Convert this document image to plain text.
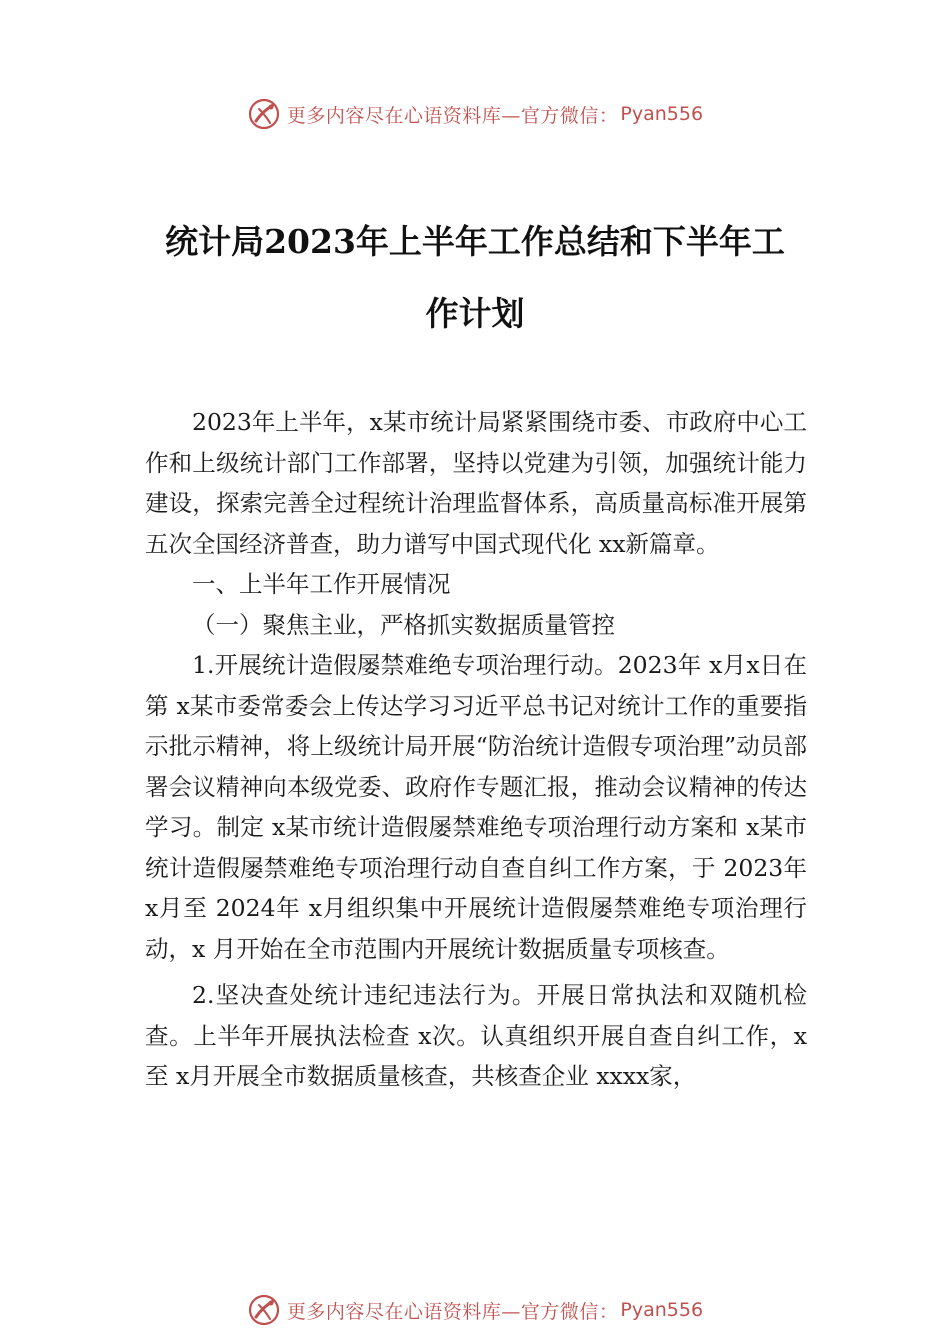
更多内容尽在心语资料库—官方微信： Pyan556
统计局2023年上半年工作总结和下半年工
作计划

2023年上半年，x某市统计局紧紧围绕市委、市政府中心工作和上级统计部门工作部署，坚持以党建为引领，加强统计能力建设，探索完善全过程统计治理监督体系，高质量高标准开展第五次全国经济普查，助力谱写中国式现代化 xx新篇章。

一、上半年工作开展情况

（一）聚焦主业，严格抓实数据质量管控

1.开展统计造假屡禁难绝专项治理行动。2023年 x月x日在第 x某市委常委会上传达学习习近平总书记对统计工作的重要指示批示精神，将上级统计局开展“防治统计造假专项治理”动员部署会议精神向本级党委、政府作专题汇报，推动会议精神的传达学习。制定 x某市统计造假屡禁难绝专项治理行动方案和 x某市统计造假屡禁难绝专项治理行动自查自纠工作方案，于 2023年 x月至 2024年 x月组织集中开展统计造假屡禁难绝专项治理行动，x 月开始在全市范围内开展统计数据质量专项核查。

2.坚决查处统计违纪违法行为。开展日常执法和双随机检查。上半年开展执法检查 x次。认真组织开展自查自纠工作，x至 x月开展全市数据质量核查，共核查企业 xxxx家，

更多内容尽在心语资料库—官方微信： Pyan556
